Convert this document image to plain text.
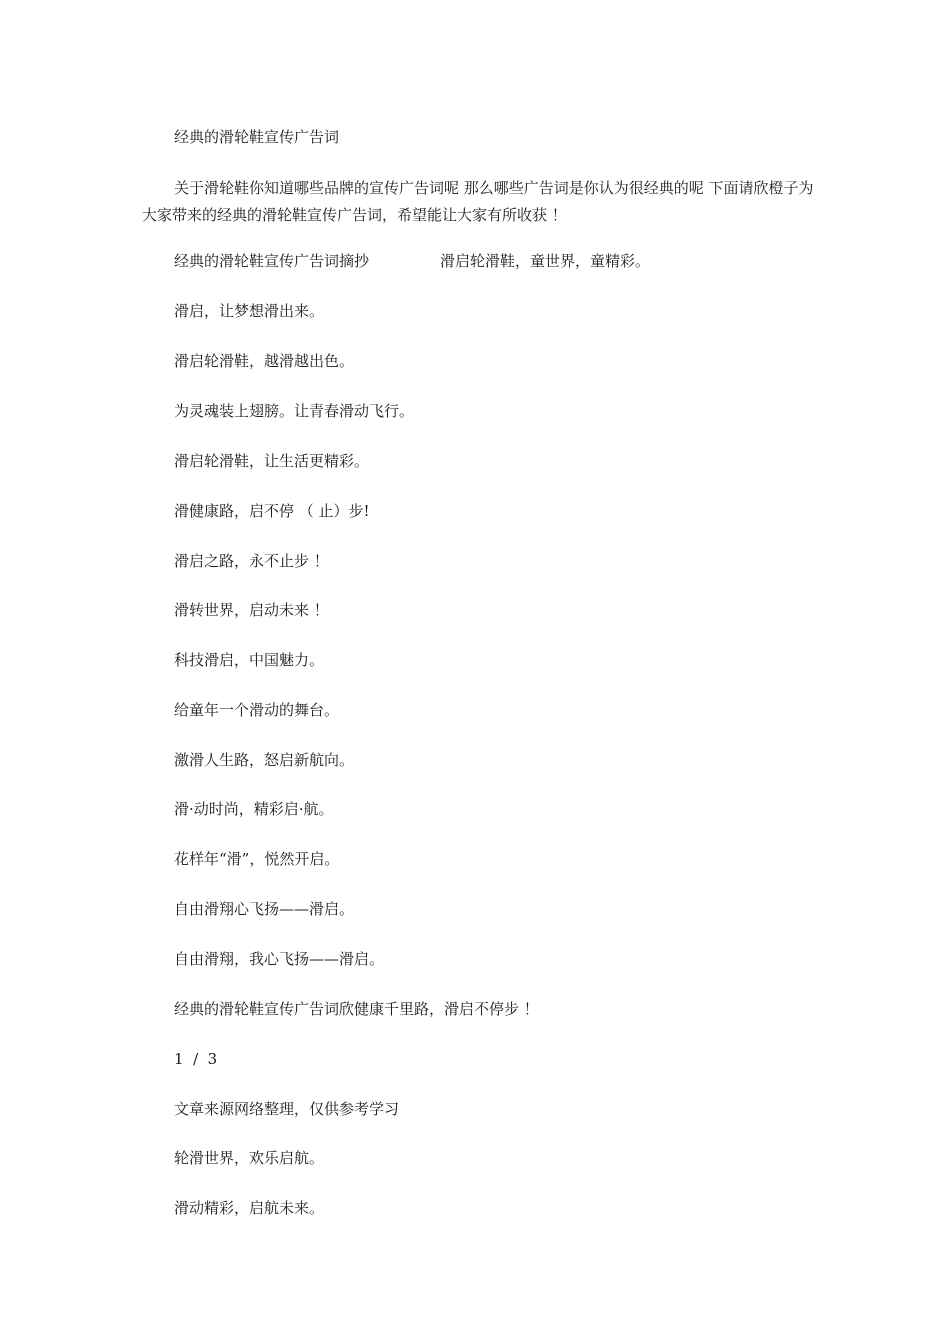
经典的滑轮鞋宣传广告词
关于滑轮鞋你知道哪些品牌的宣传广告词呢 那么哪些广告词是你认为很经典的呢 下面请欣橙子为大家带来的经典的滑轮鞋宣传广告词，希望能让大家有所收获 ！
经典的滑轮鞋宣传广告词摘抄	滑启轮滑鞋，童世界，童精彩。
滑启，让梦想滑出来。
滑启轮滑鞋，越滑越出色。
为灵魂装上翅膀。让青春滑动飞行。
滑启轮滑鞋，让生活更精彩。
滑健康路，启不停 （ 止）步!
滑启之路，永不止步 ！
滑转世界，启动未来 ！
科技滑启，中国魅力。
给童年一个滑动的舞台。
激滑人生路，怒启新航向。
滑·动时尚，精彩启·航。
花样年“滑”，悦然开启。
自由滑翔心飞扬——滑启。
自由滑翔，我心飞扬——滑启。
经典的滑轮鞋宣传广告词欣健康千里路，滑启不停步 ！
1  /  3
文章来源网络整理，仅供参考学习
轮滑世界，欢乐启航。
滑动精彩，启航未来。
